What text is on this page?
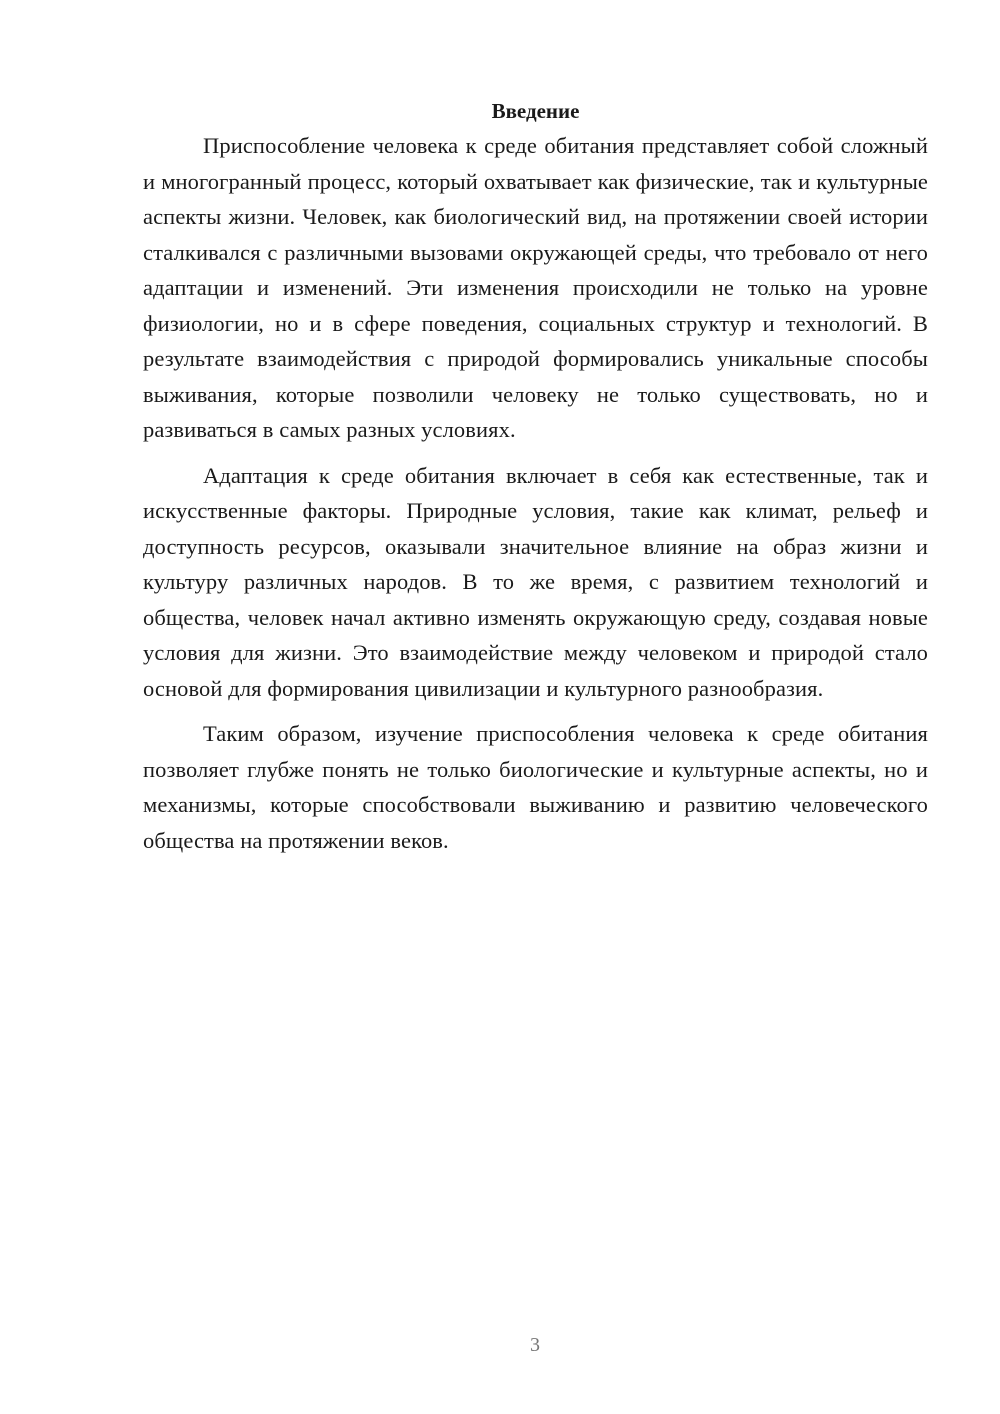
Введение

Приспособление человека к среде обитания представляет собой сложный и многогранный процесс, который охватывает как физические, так и культурные аспекты жизни. Человек, как биологический вид, на протяжении своей истории сталкивался с различными вызовами окружающей среды, что требовало от него адаптации и изменений. Эти изменения происходили не только на уровне физиологии, но и в сфере поведения, социальных структур и технологий. В результате взаимодействия с природой формировались уникальные способы выживания, которые позволили человеку не только существовать, но и развиваться в самых разных условиях.

Адаптация к среде обитания включает в себя как естественные, так и искусственные факторы. Природные условия, такие как климат, рельеф и доступность ресурсов, оказывали значительное влияние на образ жизни и культуру различных народов. В то же время, с развитием технологий и общества, человек начал активно изменять окружающую среду, создавая новые условия для жизни. Это взаимодействие между человеком и природой стало основой для формирования цивилизации и культурного разнообразия.

Таким образом, изучение приспособления человека к среде обитания позволяет глубже понять не только биологические и культурные аспекты, но и механизмы, которые способствовали выживанию и развитию человеческого общества на протяжении веков.

3
